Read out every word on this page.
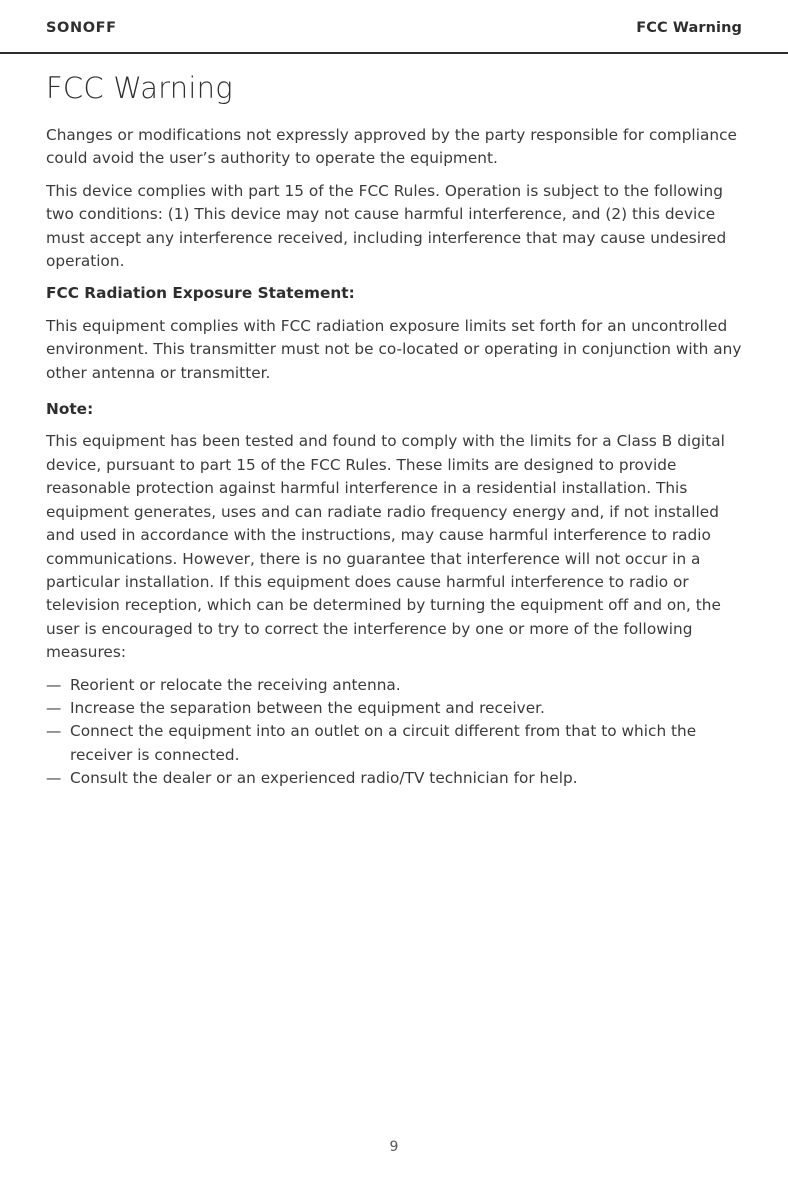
SONOFF	FCC Warning
FCC Warning

Changes or modifications not expressly approved by the party responsible for compliance could avoid the user’s authority to operate the equipment.

This device complies with part 15 of the FCC Rules. Operation is subject to the following two conditions: (1) This device may not cause harmful interference, and (2) this device must accept any interference received, including interference that may cause undesired operation.

FCC Radiation Exposure Statement:

This equipment complies with FCC radiation exposure limits set forth for an uncontrolled environment. This transmitter must not be co-located or operating in conjunction with any other antenna or transmitter.

Note:

This equipment has been tested and found to comply with the limits for a Class B digital device, pursuant to part 15 of the FCC Rules. These limits are designed to provide reasonable protection against harmful interference in a residential installation. This equipment generates, uses and can radiate radio frequency energy and, if not installed and used in accordance with the instructions, may cause harmful interference to radio communications. However, there is no guarantee that interference will not occur in a particular installation. If this equipment does cause harmful interference to radio or television reception, which can be determined by turning the equipment off and on, the user is encouraged to try to correct the interference by one or more of the following measures:

— Reorient or relocate the receiving antenna.
— Increase the separation between the equipment and receiver.
— Connect the equipment into an outlet on a circuit different from that to which the receiver is connected.
— Consult the dealer or an experienced radio/TV technician for help.
9
